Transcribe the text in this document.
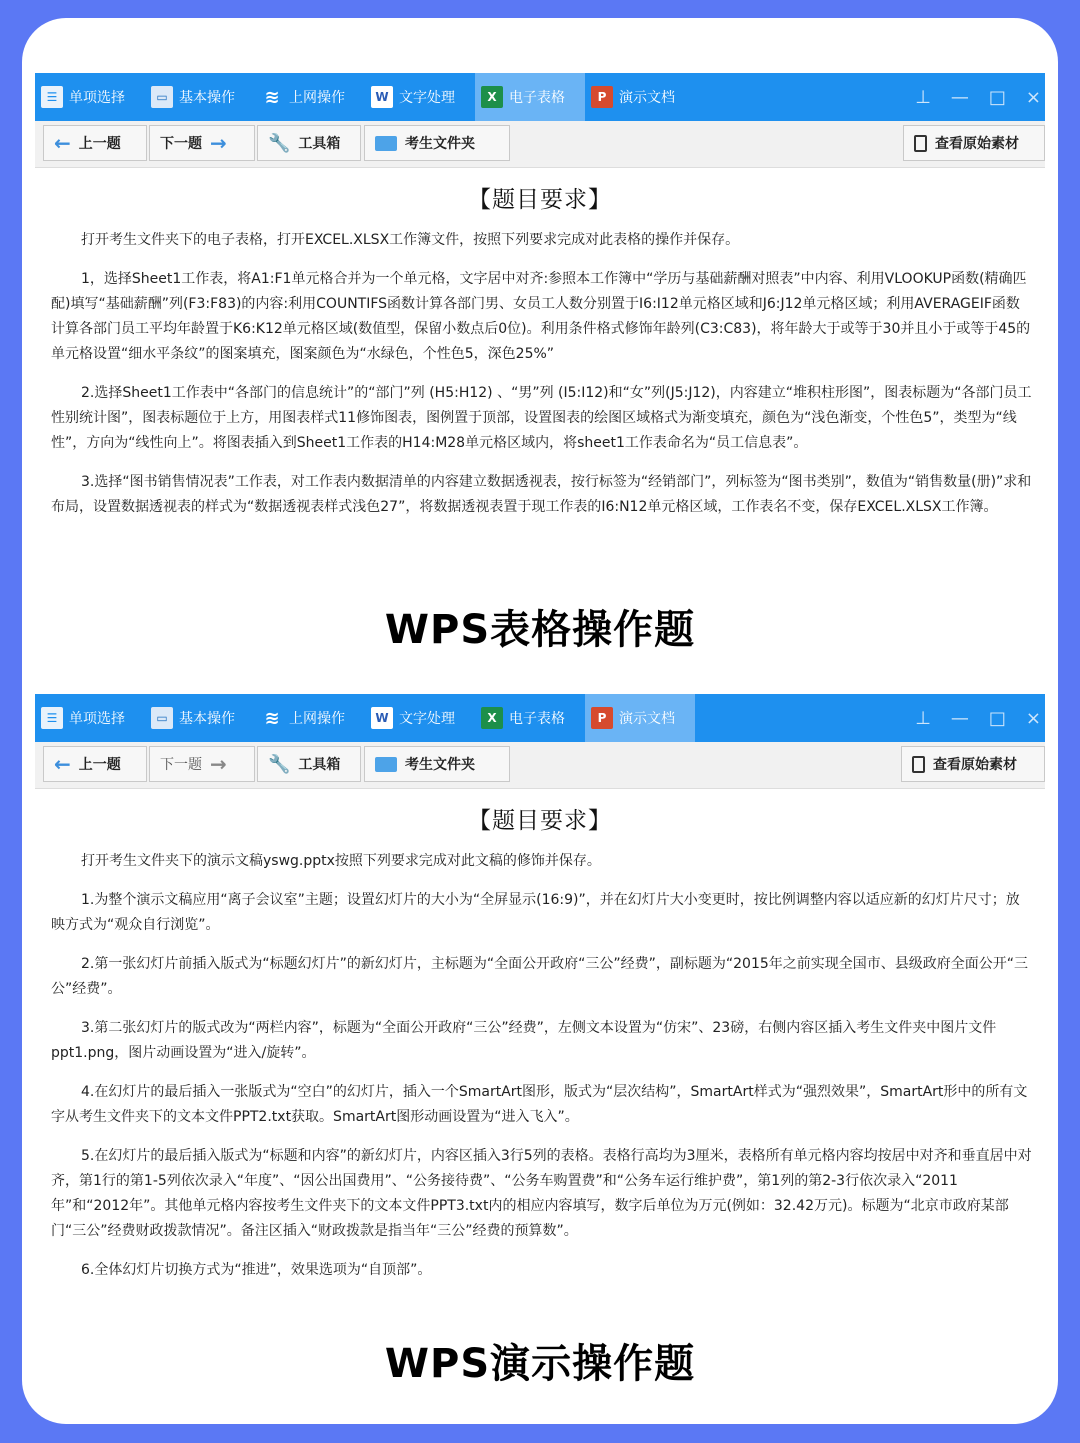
☰ 单项选择	▭ 基本操作 ≋ 上网操作	W 文字处理	X 电子表格	P 演示文档	⊥ — □ ×
← 上一题	下一题 → 🔧 工具箱	考生文件夹	查看原始素材
【题目要求】

打开考生文件夹下的电子表格，打开EXCEL.XLSX工作簿文件，按照下列要求完成对此表格的操作并保存。

1，选择Sheet1工作表，将A1:F1单元格合并为一个单元格，文字居中对齐:参照本工作簿中“学历与基础薪酬对照表”中内容、利用VLOOKUP函数(精确匹配)填写“基础薪酬”列(F3:F83)的内容:利用COUNTIFS函数计算各部门男、女员工人数分别置于I6:I12单元格区域和J6:J12单元格区域；利用AVERAGEIF函数计算各部门员工平均年龄置于K6:K12单元格区域(数值型，保留小数点后0位)。利用条件格式修饰年龄列(C3:C83)，将年龄大于或等于30并且小于或等于45的单元格设置“细水平条纹”的图案填充，图案颜色为“水绿色，个性色5，深色25%”

2.选择Sheet1工作表中“各部门的信息统计”的“部门”列 (H5:H12) 、“男”列 (I5:I12)和“女”列(J5:J12)，内容建立“堆积柱形图”，图表标题为“各部门员工性别统计图”，图表标题位于上方，用图表样式11修饰图表，图例置于顶部，设置图表的绘图区域格式为渐变填充，颜色为“浅色渐变，个性色5”，类型为“线性”，方向为“线性向上”。将图表插入到Sheet1工作表的H14:M28单元格区域内，将sheet1工作表命名为“员工信息表”。

3.选择“图书销售情况表”工作表，对工作表内数据清单的内容建立数据透视表，按行标签为“经销部门”，列标签为“图书类别”，数值为“销售数量(册)”求和布局，设置数据透视表的样式为“数据透视表样式浅色27”，将数据透视表置于现工作表的I6:N12单元格区域，工作表名不变，保存EXCEL.XLSX工作簿。

WPS表格操作题
☰ 单项选择	▭ 基本操作 ≋ 上网操作	W 文字处理	X 电子表格	P 演示文档	⊥ — □ ×
← 上一题	下一题 → 🔧 工具箱	考生文件夹	查看原始素材
【题目要求】

打开考生文件夹下的演示文稿yswg.pptx按照下列要求完成对此文稿的修饰并保存。

1.为整个演示文稿应用“离子会议室”主题；设置幻灯片的大小为“全屏显示(16:9)”，并在幻灯片大小变更时，按比例调整内容以适应新的幻灯片尺寸；放映方式为“观众自行浏览”。

2.第一张幻灯片前插入版式为“标题幻灯片”的新幻灯片，主标题为“全面公开政府“三公”经费”，副标题为“2015年之前实现全国市、县级政府全面公开“三公”经费”。

3.第二张幻灯片的版式改为“两栏内容”，标题为“全面公开政府“三公”经费”，左侧文本设置为“仿宋”、23磅，右侧内容区插入考生文件夹中图片文件ppt1.png，图片动画设置为“进入/旋转”。

4.在幻灯片的最后插入一张版式为“空白”的幻灯片，插入一个SmartArt图形，版式为“层次结构”，SmartArt样式为“强烈效果”，SmartArt形中的所有文字从考生文件夹下的文本文件PPT2.txt获取。SmartArt图形动画设置为“进入飞入”。

5.在幻灯片的最后插入版式为“标题和内容”的新幻灯片，内容区插入3行5列的表格。表格行高均为3厘米，表格所有单元格内容均按居中对齐和垂直居中对齐，第1行的第1-5列依次录入“年度”、“因公出国费用”、“公务接待费”、“公务车购置费”和“公务车运行维护费”，第1列的第2-3行依次录入“2011年”和“2012年”。其他单元格内容按考生文件夹下的文本文件PPT3.txt内的相应内容填写，数字后单位为万元(例如：32.42万元)。标题为“北京市政府某部门“三公”经费财政拨款情况”。备注区插入“财政拨款是指当年“三公”经费的预算数”。

6.全体幻灯片切换方式为“推进”，效果选项为“自顶部”。

WPS演示操作题
